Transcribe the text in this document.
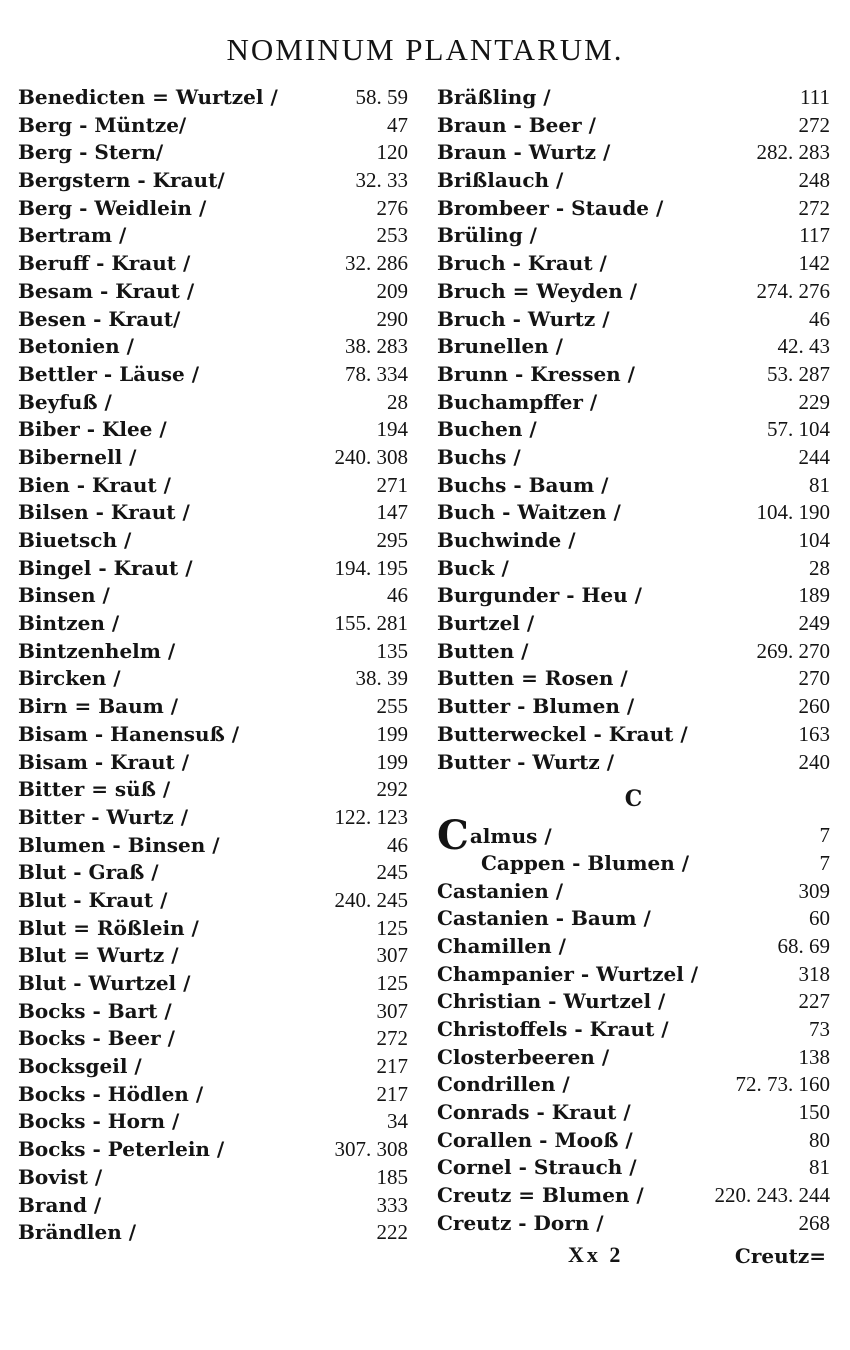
NOMINUM PLANTARUM.
Benedicten = Wurtzel /	58. 59
Berg - Müntze/	47
Berg - Stern/	120
Bergstern - Kraut/	32. 33
Berg - Weidlein /	276
Bertram /	253
Beruff - Kraut /	32. 286
Besam - Kraut /	209
Besen - Kraut/	290
Betonien /	38. 283
Bettler - Läuse /	78. 334
Beyfuß /	28
Biber - Klee /	194
Bibernell /	240. 308
Bien - Kraut /	271
Bilsen - Kraut /	147
Biuetsch /	295
Bingel - Kraut /	194. 195
Binsen /	46
Bintzen /	155. 281
Bintzenhelm /	135
Bircken /	38. 39
Birn = Baum /	255
Bisam - Hanensuß /	199
Bisam - Kraut /	199
Bitter = süß /	292
Bitter - Wurtz /	122. 123
Blumen - Binsen /	46
Blut - Graß /	245
Blut - Kraut /	240. 245
Blut = Rößlein /	125
Blut = Wurtz /	307
Blut - Wurtzel /	125
Bocks - Bart /	307
Bocks - Beer /	272
Bocksgeil /	217
Bocks - Hödlen /	217
Bocks - Horn /	34
Bocks - Peterlein /	307. 308
Bovist /	185
Brand /	333
Brändlen /	222
Bräßling /	111
Braun - Beer /	272
Braun - Wurtz /	282. 283
Brißlauch /	248
Brombeer - Staude /	272
Brüling /	117
Bruch - Kraut /	142
Bruch = Weyden /	274. 276
Bruch - Wurtz /	46
Brunellen /	42. 43
Brunn - Kressen /	53. 287
Buchampffer /	229
Buchen /	57. 104
Buchs /	244
Buchs - Baum /	81
Buch - Waitzen /	104. 190
Buchwinde /	104
Buck /	28
Burgunder - Heu /	189
Burtzel /	249
Butten /	269. 270
Butten = Rosen /	270
Butter - Blumen /	260
Butterweckel - Kraut /	163
Butter - Wurtz /	240
C
Calmus /	7
Cappen - Blumen /	7
Castanien /	309
Castanien - Baum /	60
Chamillen /	68. 69
Champanier - Wurtzel /	318
Christian - Wurtzel /	227
Christoffels - Kraut /	73
Closterbeeren /	138
Condrillen /	72. 73. 160
Conrads - Kraut /	150
Corallen - Mooß /	80
Cornel - Strauch /	81
Creutz = Blumen /	220. 243. 244
Creutz - Dorn /	268
Xx 2	Creutz=
